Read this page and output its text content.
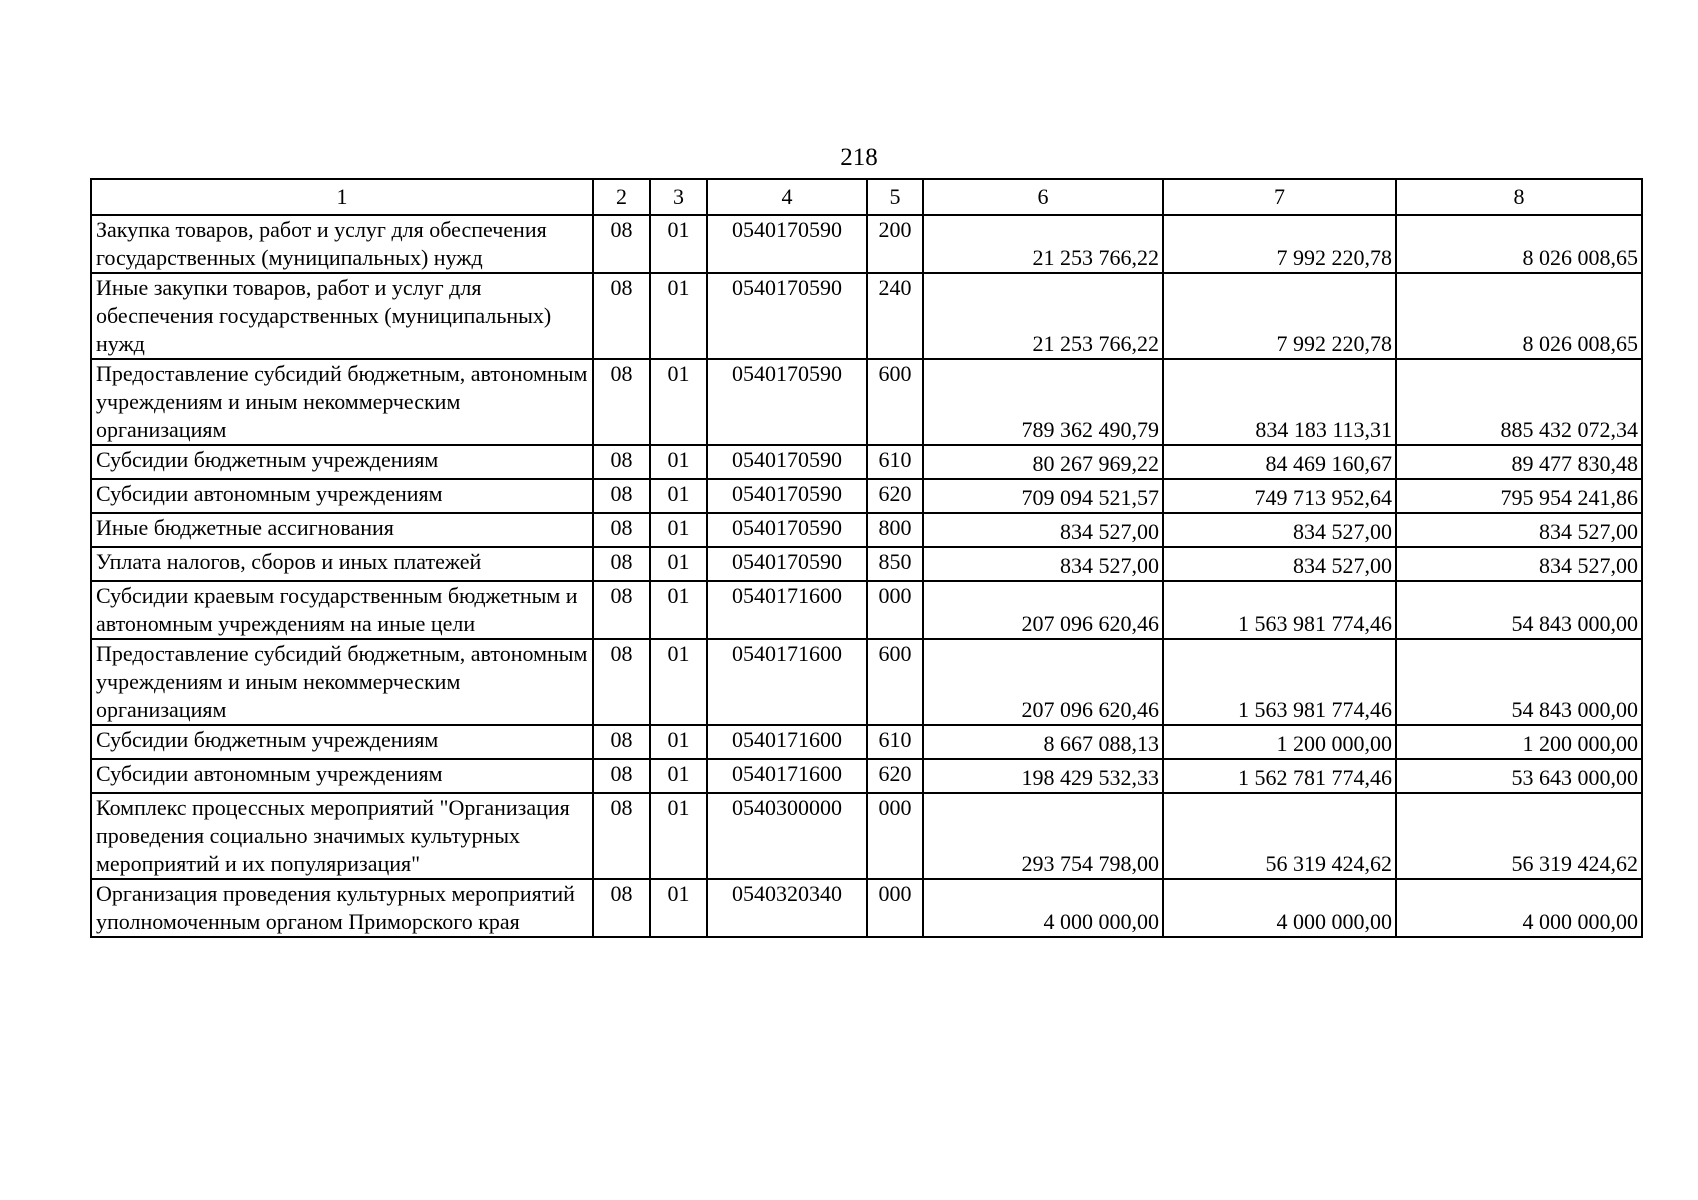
218
1	2	3	4	5	6	7	8
Закупка товаров, работ и услуг для обеспечения государственных (муниципальных) нужд	08	01	0540170590	200	21 253 766,22	7 992 220,78	8 026 008,65
Иные закупки товаров, работ и услуг для обеспечения государственных (муниципальных) нужд	08	01	0540170590	240	21 253 766,22	7 992 220,78	8 026 008,65
Предоставление субсидий бюджетным, автономным учреждениям и иным некоммерческим организациям	08	01	0540170590	600	789 362 490,79	834 183 113,31	885 432 072,34
Субсидии бюджетным учреждениям	08	01	0540170590	610	80 267 969,22	84 469 160,67	89 477 830,48
Субсидии автономным учреждениям	08	01	0540170590	620	709 094 521,57	749 713 952,64	795 954 241,86
Иные бюджетные ассигнования	08	01	0540170590	800	834 527,00	834 527,00	834 527,00
Уплата налогов, сборов и иных платежей	08	01	0540170590	850	834 527,00	834 527,00	834 527,00
Субсидии краевым государственным бюджетным и автономным учреждениям на иные цели	08	01	0540171600	000	207 096 620,46	1 563 981 774,46	54 843 000,00
Предоставление субсидий бюджетным, автономным учреждениям и иным некоммерческим организациям	08	01	0540171600	600	207 096 620,46	1 563 981 774,46	54 843 000,00
Субсидии бюджетным учреждениям	08	01	0540171600	610	8 667 088,13	1 200 000,00	1 200 000,00
Субсидии автономным учреждениям	08	01	0540171600	620	198 429 532,33	1 562 781 774,46	53 643 000,00
Комплекс процессных мероприятий "Организация проведения социально значимых культурных мероприятий и их популяризация"	08	01	0540300000	000	293 754 798,00	56 319 424,62	56 319 424,62
Организация проведения культурных мероприятий уполномоченным органом Приморского края	08	01	0540320340	000	4 000 000,00	4 000 000,00	4 000 000,00
